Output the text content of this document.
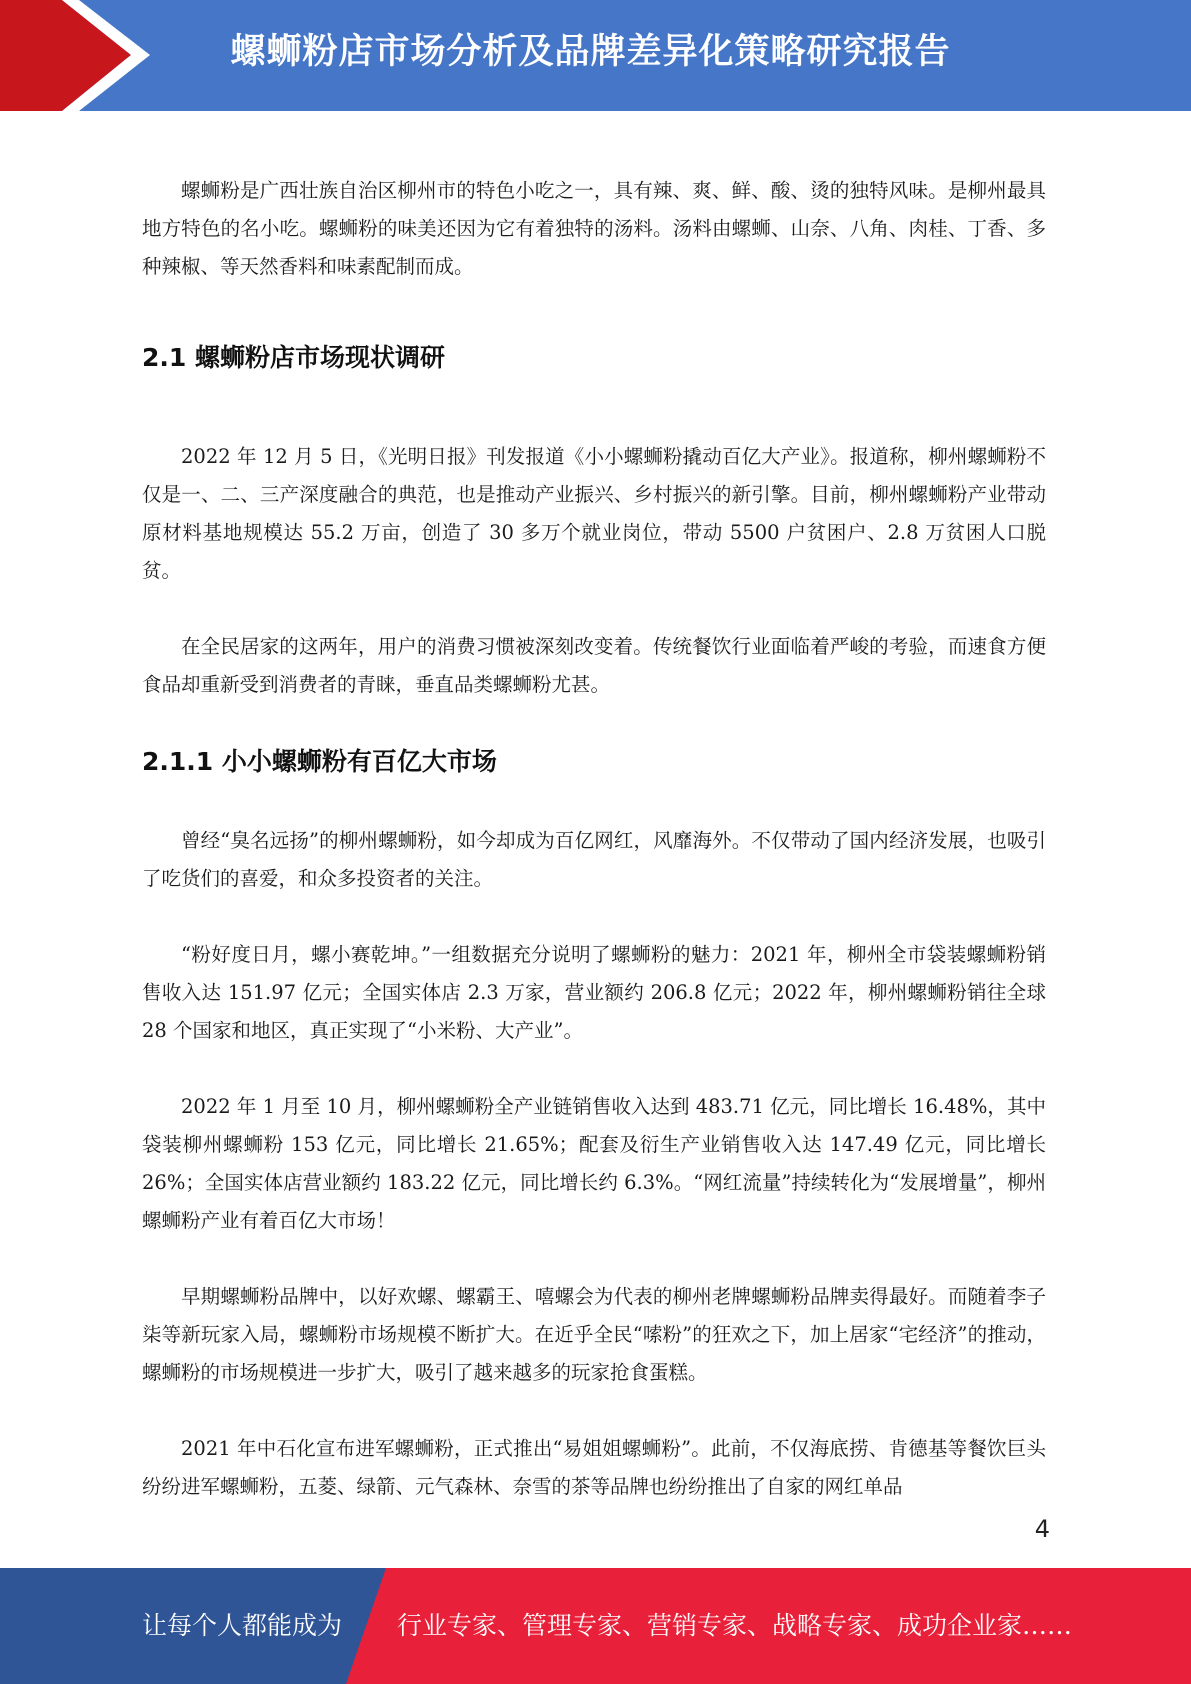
螺蛳粉店市场分析及品牌差异化策略研究报告

螺蛳粉是广西壮族自治区柳州市的特色小吃之一，具有辣、爽、鲜、酸、烫的独特风味。是柳州最具地方特色的名小吃。螺蛳粉的味美还因为它有着独特的汤料。汤料由螺蛳、山奈、八角、肉桂、丁香、多种辣椒、等天然香料和味素配制而成。

2.1 螺蛳粉店市场现状调研

2022 年 12 月 5 日，《光明日报》刊发报道《小小螺蛳粉撬动百亿大产业》。报道称，柳州螺蛳粉不仅是一、二、三产深度融合的典范，也是推动产业振兴、乡村振兴的新引擎。目前，柳州螺蛳粉产业带动原材料基地规模达 55.2 万亩，创造了 30 多万个就业岗位，带动 5500 户贫困户、2.8 万贫困人口脱贫。

在全民居家的这两年，用户的消费习惯被深刻改变着。传统餐饮行业面临着严峻的考验，而速食方便食品却重新受到消费者的青睐，垂直品类螺蛳粉尤甚。

2.1.1 小小螺蛳粉有百亿大市场

曾经“臭名远扬”的柳州螺蛳粉，如今却成为百亿网红，风靡海外。不仅带动了国内经济发展，也吸引了吃货们的喜爱，和众多投资者的关注。

“粉好度日月，螺小赛乾坤。”一组数据充分说明了螺蛳粉的魅力：2021 年，柳州全市袋装螺蛳粉销售收入达 151.97 亿元；全国实体店 2.3 万家，营业额约 206.8 亿元；2022 年，柳州螺蛳粉销往全球 28 个国家和地区，真正实现了“小米粉、大产业”。

2022 年 1 月至 10 月，柳州螺蛳粉全产业链销售收入达到 483.71 亿元，同比增长 16.48%，其中袋装柳州螺蛳粉 153 亿元，同比增长 21.65%；配套及衍生产业销售收入达 147.49 亿元，同比增长 26%；全国实体店营业额约 183.22 亿元，同比增长约 6.3%。“网红流量”持续转化为“发展增量”，柳州螺蛳粉产业有着百亿大市场！

早期螺蛳粉品牌中，以好欢螺、螺霸王、嘻螺会为代表的柳州老牌螺蛳粉品牌卖得最好。而随着李子柒等新玩家入局，螺蛳粉市场规模不断扩大。在近乎全民“嗦粉”的狂欢之下，加上居家“宅经济”的推动，螺蛳粉的市场规模进一步扩大，吸引了越来越多的玩家抢食蛋糕。

2021 年中石化宣布进军螺蛳粉，正式推出“易姐姐螺蛳粉”。此前，不仅海底捞、肯德基等餐饮巨头纷纷进军螺蛳粉，五菱、绿箭、元气森林、奈雪的茶等品牌也纷纷推出了自家的网红单品

4
让每个人都能成为 行业专家、管理专家、营销专家、战略专家、成功企业家……
